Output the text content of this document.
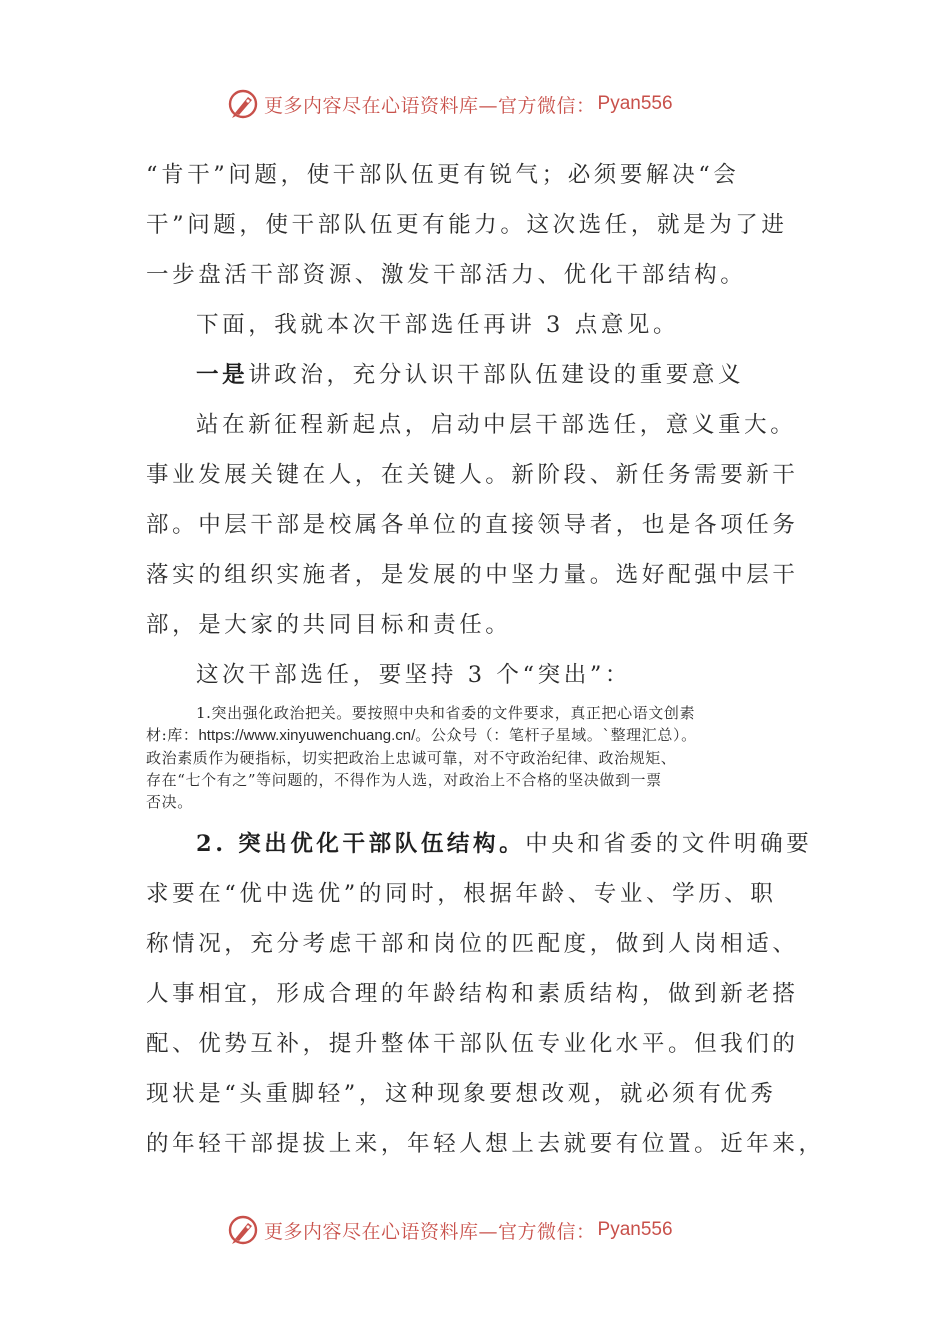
更多内容尽在心语资料库—官方微信： Pyan556
“肯干”问题，使干部队伍更有锐气；必须要解决“会
干”问题，使干部队伍更有能力。这次选任，就是为了进
一步盘活干部资源、激发干部活力、优化干部结构。
下面，我就本次干部选任再讲 3 点意见。
一是讲政治，充分认识干部队伍建设的重要意义
站在新征程新起点，启动中层干部选任，意义重大。
事业发展关键在人，在关键人。新阶段、新任务需要新干
部。中层干部是校属各单位的直接领导者，也是各项任务
落实的组织实施者，是发展的中坚力量。选好配强中层干
部，是大家的共同目标和责任。
这次干部选任，要坚持 3 个“突出”：
1.突出强化政治把关。要按照中央和省委的文件要求，真正把心语文创素
材:库：https://www.xinyuwenchuang.cn/。公众号（：笔杆子星域。`整理汇总）。
政治素质作为硬指标，切实把政治上忠诚可靠，对不守政治纪律、政治规矩、
存在“七个有之”等问题的，不得作为人选，对政治上不合格的坚决做到一票
否决。
2. 突出优化干部队伍结构。中央和省委的文件明确要
求要在“优中选优”的同时，根据年龄、专业、学历、职
称情况，充分考虑干部和岗位的匹配度，做到人岗相适、
人事相宜，形成合理的年龄结构和素质结构，做到新老搭
配、优势互补，提升整体干部队伍专业化水平。但我们的
现状是“头重脚轻”，这种现象要想改观，就必须有优秀
的年轻干部提拔上来，年轻人想上去就要有位置。近年来，
更多内容尽在心语资料库—官方微信： Pyan556
